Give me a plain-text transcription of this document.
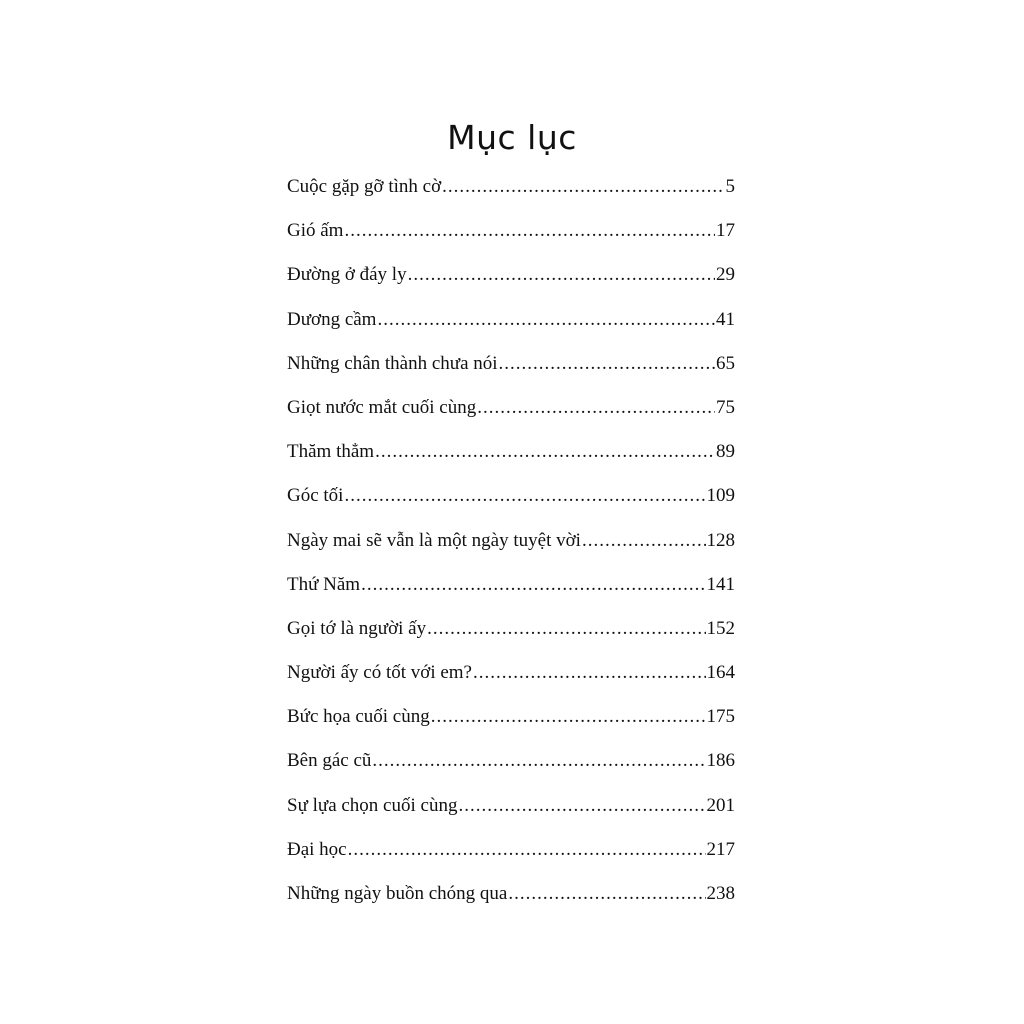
Mục lục
Cuộc gặp gỡ tình cờ .....	5
Gió ấm .....	17
Đường ở đáy ly .....	29
Dương cầm .....	41
Những chân thành chưa nói .....	65
Giọt nước mắt cuối cùng .....	75
Thăm thẳm .....	89
Góc tối .....	109
Ngày mai sẽ vẫn là một ngày tuyệt vời .....	128
Thứ Năm .....	141
Gọi tớ là người ấy .....	152
Người ấy có tốt với em? .....	164
Bức họa cuối cùng .....	175
Bên gác cũ .....	186
Sự lựa chọn cuối cùng .....	201
Đại học .....	217
Những ngày buồn chóng qua .....	238
